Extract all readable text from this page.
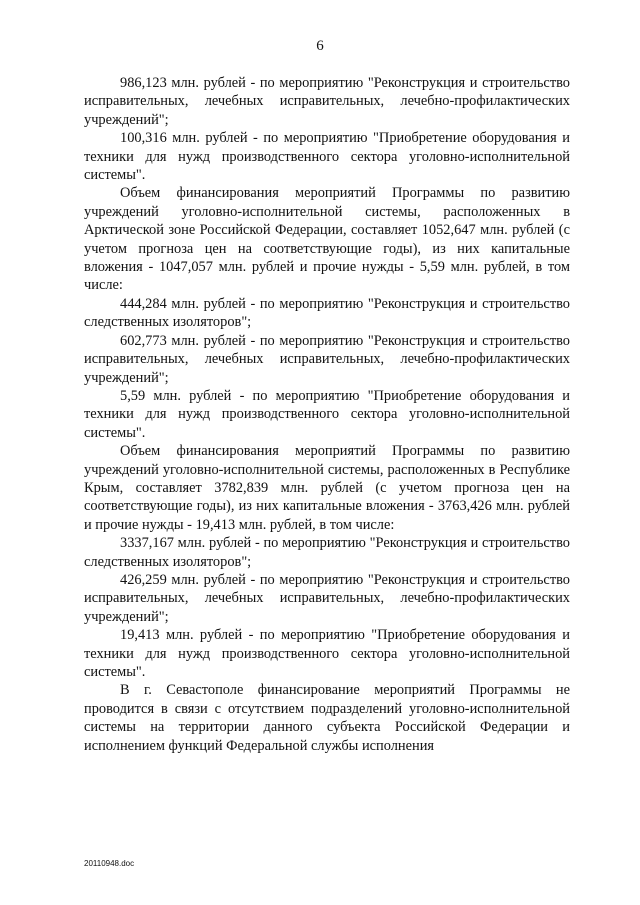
6

986,123 млн. рублей - по мероприятию "Реконструкция и строительство исправительных, лечебных исправительных, лечебно-профилактических учреждений";

100,316 млн. рублей - по мероприятию "Приобретение оборудования и техники для нужд производственного сектора уголовно-исполнительной системы".

Объем финансирования мероприятий Программы по развитию учреждений уголовно-исполнительной системы, расположенных в Арктической зоне Российской Федерации, составляет 1052,647 млн. рублей (с учетом прогноза цен на соответствующие годы), из них капитальные вложения - 1047,057 млн. рублей и прочие нужды - 5,59 млн. рублей, в том числе:

444,284 млн. рублей - по мероприятию "Реконструкция и строительство следственных изоляторов";

602,773 млн. рублей - по мероприятию "Реконструкция и строительство исправительных, лечебных исправительных, лечебно-профилактических учреждений";

5,59 млн. рублей - по мероприятию "Приобретение оборудования и техники для нужд производственного сектора уголовно-исполнительной системы".

Объем финансирования мероприятий Программы по развитию учреждений уголовно-исполнительной системы, расположенных в Республике Крым, составляет 3782,839 млн. рублей (с учетом прогноза цен на соответствующие годы), из них капитальные вложения - 3763,426 млн. рублей и прочие нужды - 19,413 млн. рублей, в том числе:

3337,167 млн. рублей - по мероприятию "Реконструкция и строительство следственных изоляторов";

426,259 млн. рублей - по мероприятию "Реконструкция и строительство исправительных, лечебных исправительных, лечебно-профилактических учреждений";

19,413 млн. рублей - по мероприятию "Приобретение оборудования и техники для нужд производственного сектора уголовно-исполнительной системы".

В г. Севастополе финансирование мероприятий Программы не проводится в связи с отсутствием подразделений уголовно-исполнительной системы на территории данного субъекта Российской Федерации и исполнением функций Федеральной службы исполнения

20110948.doc
